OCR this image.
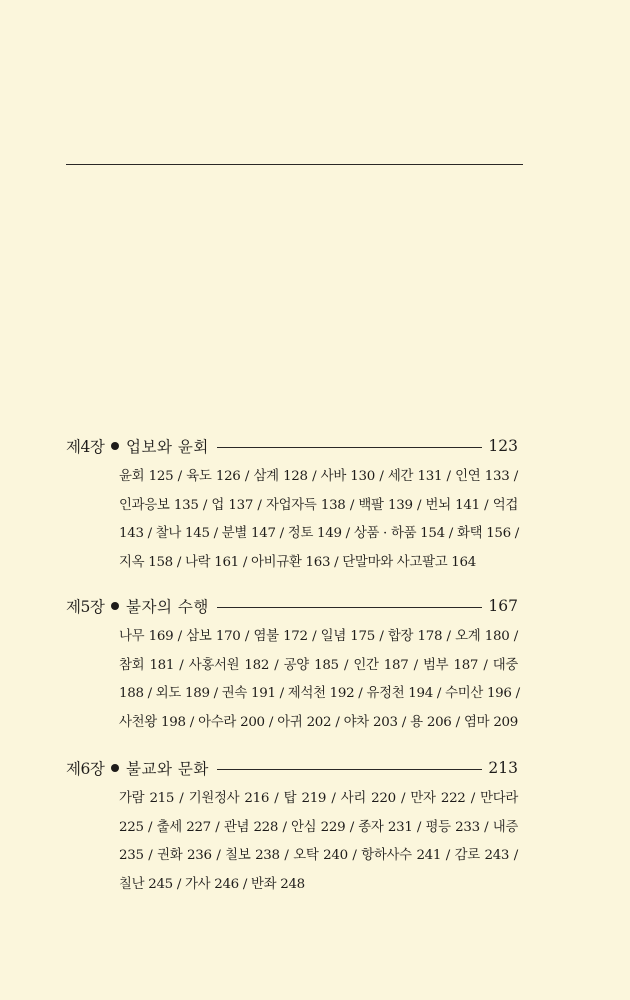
제4장 업보와 윤회	123
윤회 125 / 육도 126 / 삼계 128 / 사바 130 / 세간 131 / 인연 133 /
인과응보 135 / 업 137 / 자업자득 138 / 백팔 139 / 번뇌 141 / 억겁
143 / 찰나 145 / 분별 147 / 정토 149 / 상품 · 하품 154 / 화택 156 /
지옥 158 / 나락 161 / 아비규환 163 / 단말마와 사고팔고 164
제5장 불자의 수행	167
나무 169 / 삼보 170 / 염불 172 / 일념 175 / 합장 178 / 오계 180 /
참회 181 / 사홍서원 182 / 공양 185 / 인간 187 / 범부 187 / 대중
188 / 외도 189 / 권속 191 / 제석천 192 / 유정천 194 / 수미산 196 /
사천왕 198 / 아수라 200 / 아귀 202 / 야차 203 / 용 206 / 염마 209
제6장 불교와 문화	213
가람 215 / 기원정사 216 / 탑 219 / 사리 220 / 만자 222 / 만다라
225 / 출세 227 / 관념 228 / 안심 229 / 종자 231 / 평등 233 / 내증
235 / 권화 236 / 칠보 238 / 오탁 240 / 항하사수 241 / 감로 243 /
칠난 245 / 가사 246 / 반좌 248
